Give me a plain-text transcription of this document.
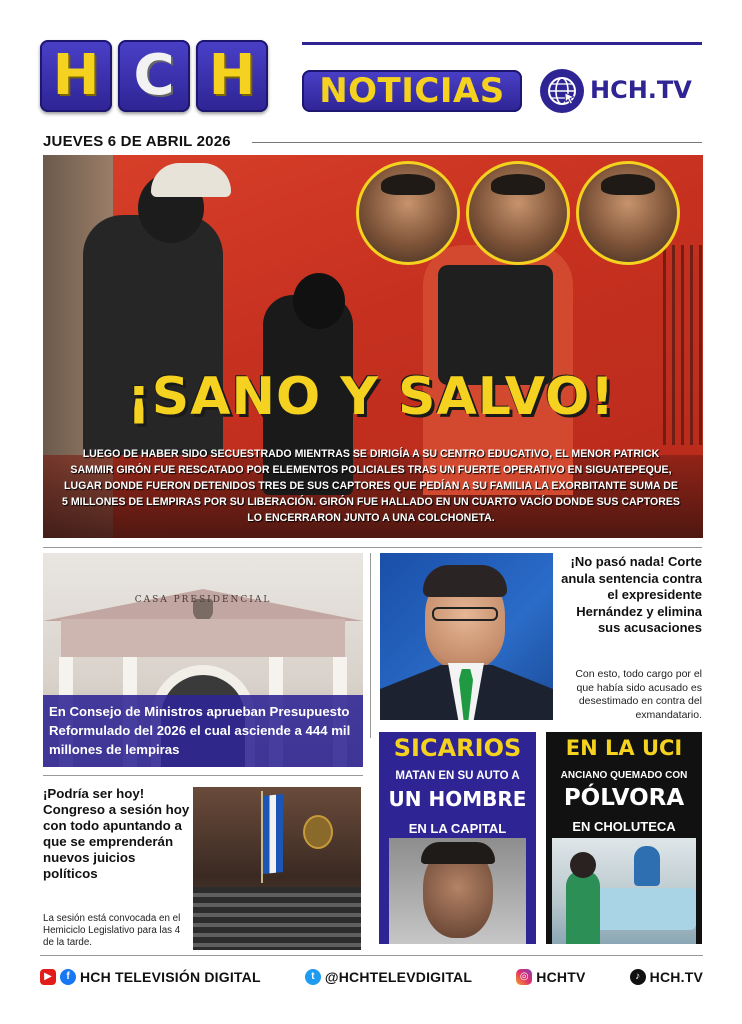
H C H	NOTICIAS	HCH.TV
JUEVES 6 DE ABRIL 2026
¡SANO Y SALVO!
LUEGO DE HABER SIDO SECUESTRADO MIENTRAS SE DIRIGÍA A SU CENTRO EDUCATIVO, EL MENOR PATRICK SAMMIR GIRÓN FUE RESCATADO POR ELEMENTOS POLICIALES TRAS UN FUERTE OPERATIVO EN SIGUATEPEQUE, LUGAR DONDE FUERON DETENIDOS TRES DE SUS CAPTORES QUE PEDÍAN A SU FAMILIA LA EXORBITANTE SUMA DE 5 MILLONES DE LEMPIRAS POR SU LIBERACIÓN. GIRÓN FUE HALLADO EN UN CUARTO VACÍO DONDE SUS CAPTORES LO ENCERRARON JUNTO A UNA COLCHONETA.
CASA PRESIDENCIAL

En Consejo de Ministros aprueban Presupuesto Reformulado del 2026 el cual asciende a 444 mil millones de lempiras

¡No pasó nada! Corte anula sentencia contra el expresidente Hernández y elimina sus acusaciones
Con esto, todo cargo por el que había sido acusado es desestimado en contra del exmandatario.
¡Podría ser hoy! Congreso a sesión hoy con todo apuntando a que se emprenderán nuevos juicios políticos
La sesión está convocada en el Hemiciclo Legislativo para las 4 de la tarde.
SICARIOS
MATAN EN SU AUTO A
UN HOMBRE
EN LA CAPITAL
EN LA UCI
ANCIANO QUEMADO CON
PÓLVORA
EN CHOLUTECA
▶	f HCH TELEVISIÓN DIGITAL	t @HCHTELEVDIGITAL	◎ HCHTV	♪ HCH.TV
